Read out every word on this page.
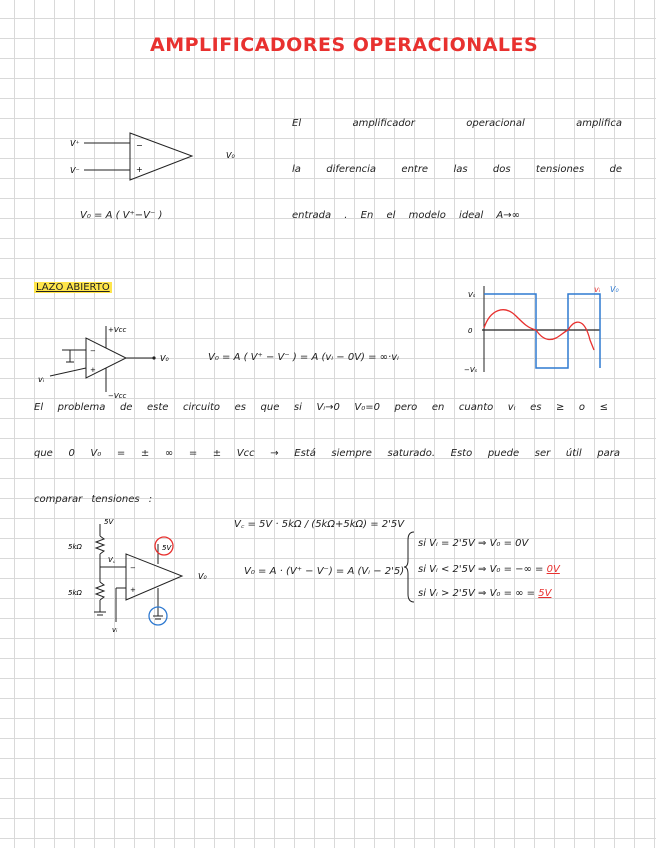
AMPLIFICADORES OPERACIONALES
El amplificador operacional amplifica
la diferencia entre las dos tensiones de
entrada . En el modelo ideal A→∞
V⁺
V⁻
−
+
V₀
V₀ = A ( V⁺−V⁻ )
LAZO ABIERTO
−
+
+Vcc
−Vcc
vᵢ
V₀	V₀ = A ( V⁺ − V⁻ ) = A (vᵢ − 0V) = ∞·vᵢ
Vₛ
0
−Vₛ
vᵢ V₀
El problema de este circuito es que si Vᵢ→0 V₀=0 pero en cuanto vᵢ es ≥ o ≤
que 0 V₀ = ± ∞ = ± Vcc → Está siempre saturado. Esto puede ser útil para
comparar tensiones :
−
+
5V
5kΩ
5kΩ
V꜀
5V
vᵢ
V₀
V꜀ = 5V · 5kΩ / (5kΩ+5kΩ) = 2'5V
V₀ = A · (V⁺ − V⁻) = A (Vᵢ − 2'5)
si Vᵢ = 2'5V ⇒ V₀ = 0V
si Vᵢ < 2'5V ⇒ V₀ = −∞ = 0V
si Vᵢ > 2'5V ⇒ V₀ = ∞ = 5V
